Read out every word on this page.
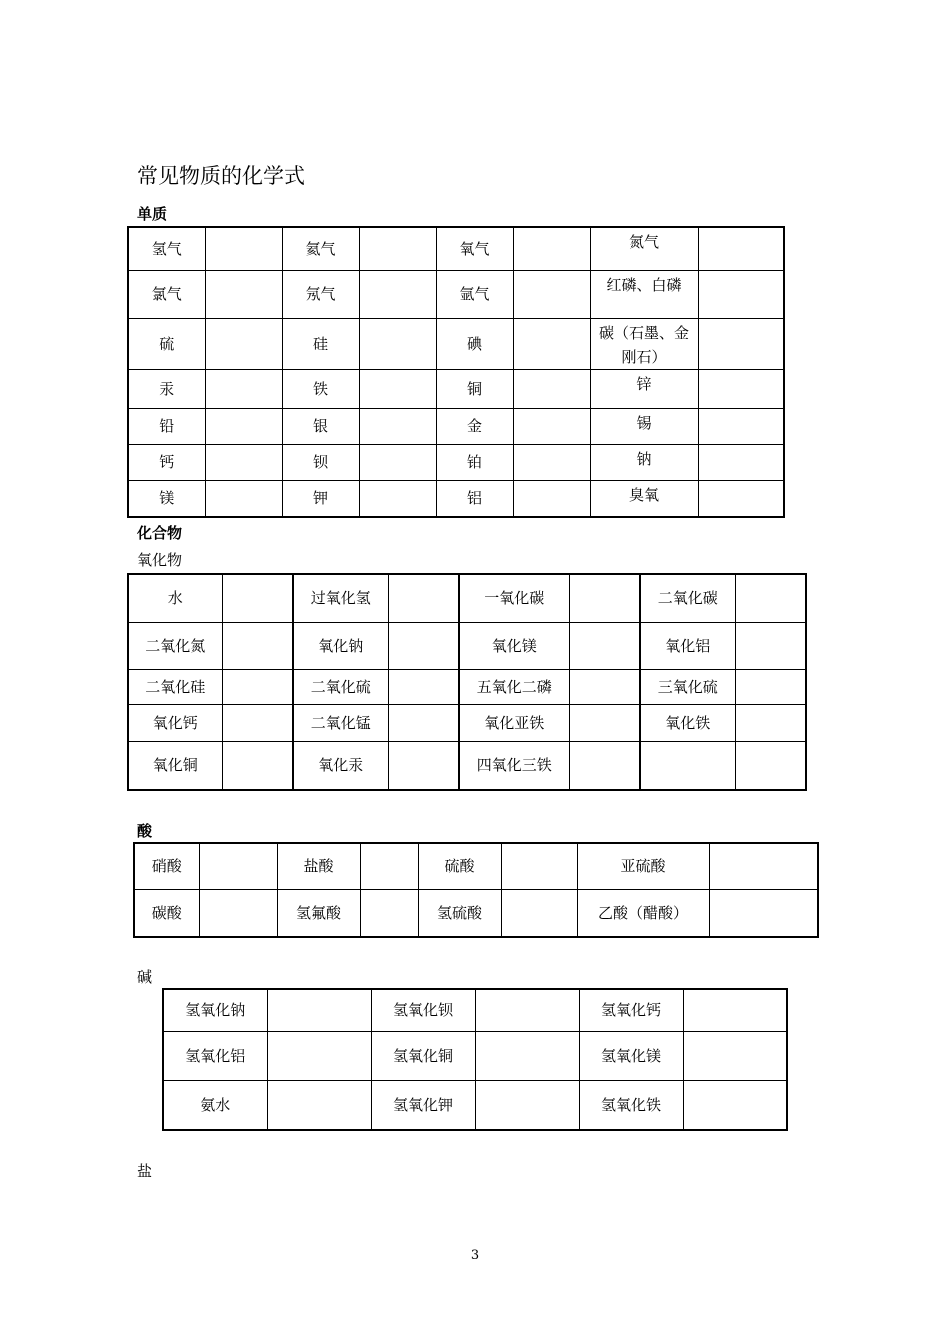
常见物质的化学式
单质
氢气		氦气		氧气		氮气	
氯气		氖气		氩气		红磷、白磷	
硫		硅		碘		碳（石墨、金刚石）	
汞		铁		铜		锌	
铅		银		金		锡	
钙		钡		铂		钠	
镁		钾		铝		臭氧	
化合物
氧化物
水		过氧化氢		一氧化碳		二氧化碳	
二氧化氮		氧化钠		氧化镁		氧化铝	
二氧化硅		二氧化硫		五氧化二磷		三氧化硫	
氧化钙		二氧化锰		氧化亚铁		氧化铁	
氧化铜		氧化汞		四氧化三铁			
酸
硝酸		盐酸		硫酸		亚硫酸	
碳酸		氢氟酸		氢硫酸		乙酸（醋酸）	
碱
氢氧化钠		氢氧化钡		氢氧化钙	
氢氧化铝		氢氧化铜		氢氧化镁	
氨水		氢氧化钾		氢氧化铁	
盐
3
